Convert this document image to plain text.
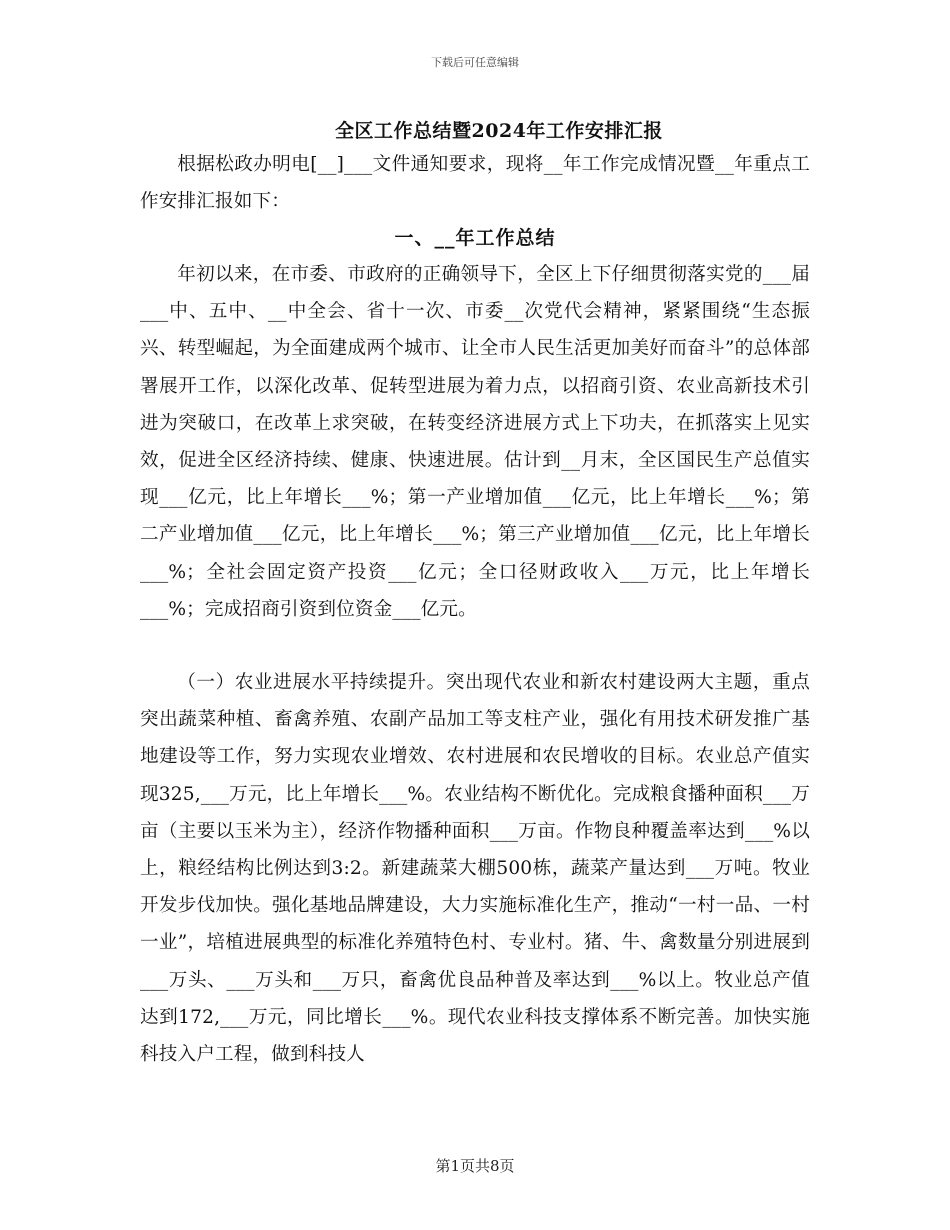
下载后可任意编辑
全区工作总结暨2024年工作安排汇报

根据松政办明电[__]___文件通知要求，现将__年工作完成情况暨__年重点工作安排汇报如下：

一、__年工作总结

年初以来，在市委、市政府的正确领导下，全区上下仔细贯彻落实党的___届___中、五中、__中全会、省十一次、市委__次党代会精神，紧紧围绕“生态振兴、转型崛起，为全面建成两个城市、让全市人民生活更加美好而奋斗”的总体部署展开工作，以深化改革、促转型进展为着力点，以招商引资、农业高新技术引进为突破口，在改革上求突破，在转变经济进展方式上下功夫，在抓落实上见实效，促进全区经济持续、健康、快速进展。估计到__月末，全区国民生产总值实现___亿元，比上年增长___%；第一产业增加值___亿元，比上年增长___%；第二产业增加值___亿元，比上年增长___%；第三产业增加值___亿元，比上年增长___%；全社会固定资产投资___亿元；全口径财政收入___万元，比上年增长___%；完成招商引资到位资金___亿元。

（一）农业进展水平持续提升。突出现代农业和新农村建设两大主题，重点突出蔬菜种植、畜禽养殖、农副产品加工等支柱产业，强化有用技术研发推广基地建设等工作，努力实现农业增效、农村进展和农民增收的目标。农业总产值实现325,___万元，比上年增长___%。农业结构不断优化。完成粮食播种面积___万亩（主要以玉米为主），经济作物播种面积___万亩。作物良种覆盖率达到___%以上，粮经结构比例达到3:2。新建蔬菜大棚500栋，蔬菜产量达到___万吨。牧业开发步伐加快。强化基地品牌建设，大力实施标准化生产，推动“一村一品、一村一业”，培植进展典型的标准化养殖特色村、专业村。猪、牛、禽数量分别进展到___万头、___万头和___万只，畜禽优良品种普及率达到___%以上。牧业总产值达到172,___万元，同比增长___%。现代农业科技支撑体系不断完善。加快实施科技入户工程，做到科技人

第1页共8页
